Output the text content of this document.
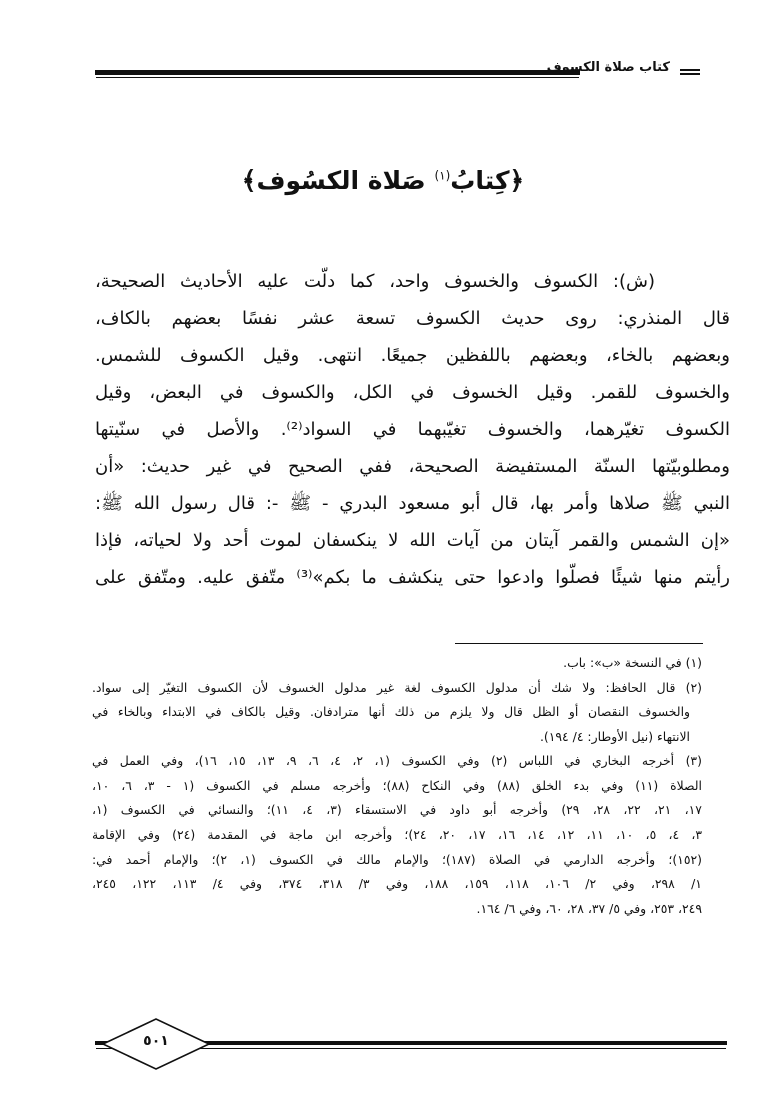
كتاب صلاة الكسوف
﴿كِتابُ$^{(١)}$ صَلاة الكسُوف﴾
(ش): الكسوف والخسوف واحد، كما دلّت عليه الأحاديث الصحيحة،
قال المنذري: روى حديث الكسوف تسعة عشر نفسًا بعضهم بالكاف،
وبعضهم بالخاء، وبعضهم باللفظين جميعًا. انتهى. وقيل الكسوف للشمس.
والخسوف للقمر. وقيل الخسوف في الكل، والكسوف في البعض، وقيل
الكسوف تغيّرهما، والخسوف تغيّبهما في السواد⁽²⁾. والأصل في سنّيتها
ومطلوبيّتها السنّة المستفيضة الصحيحة، ففي الصحيح في غير حديث: «أن
النبي ﷺ صلاها وأمر بها، قال أبو مسعود البدري - ﷺ -: قال رسول الله ﷺ:
«إن الشمس والقمر آيتان من آيات الله لا ينكسفان لموت أحد ولا لحياته، فإذا
رأيتم منها شيئًا فصلّوا وادعوا حتى ينكشف ما بكم»⁽³⁾ متّفق عليه. ومتّفق على
(١) في النسخة «ب»: باب.
(٢) قال الحافظ: ولا شك أن مدلول الكسوف لغة غير مدلول الخسوف لأن الكسوف التغيّر إلى سواد.
والخسوف النقصان أو الظل قال ولا يلزم من ذلك أنها مترادفان. وقيل بالكاف في الابتداء وبالخاء في
الانتهاء (نيل الأوطار: ٤/ ١٩٤).
(٣) أخرجه البخاري في اللباس (٢) وفي الكسوف (١، ٢، ٤، ٦، ٩، ١٣، ١٥، ١٦)، وفي العمل في
الصلاة (١١) وفي بدء الخلق (٨٨) وفي النكاح (٨٨)؛ وأخرجه مسلم في الكسوف (١ - ٣، ٦، ١٠،
١٧، ٢١، ٢٢، ٢٨، ٢٩) وأخرجه أبو داود في الاستسقاء (٣، ٤، ١١)؛ والنسائي في الكسوف (١،
٣، ٤، ٥، ١٠، ١١، ١٢، ١٤، ١٦، ١٧، ٢٠، ٢٤)؛ وأخرجه ابن ماجة في المقدمة (٢٤) وفي الإقامة
(١٥٢)؛ وأخرجه الدارمي في الصلاة (١٨٧)؛ والإمام مالك في الكسوف (١، ٢)؛ والإمام أحمد في:
١/ ٢٩٨، وفي ٢/ ١٠٦، ١١٨، ١٥٩، ١٨٨، وفي ٣/ ٣١٨، ٣٧٤، وفي ٤/ ١١٣، ١٢٢، ٢٤٥،
٢٤٩، ٢٥٣، وفي ٥/ ٣٧، ٢٨، ٦٠، وفي ٦/ ١٦٤.
٥٠١
